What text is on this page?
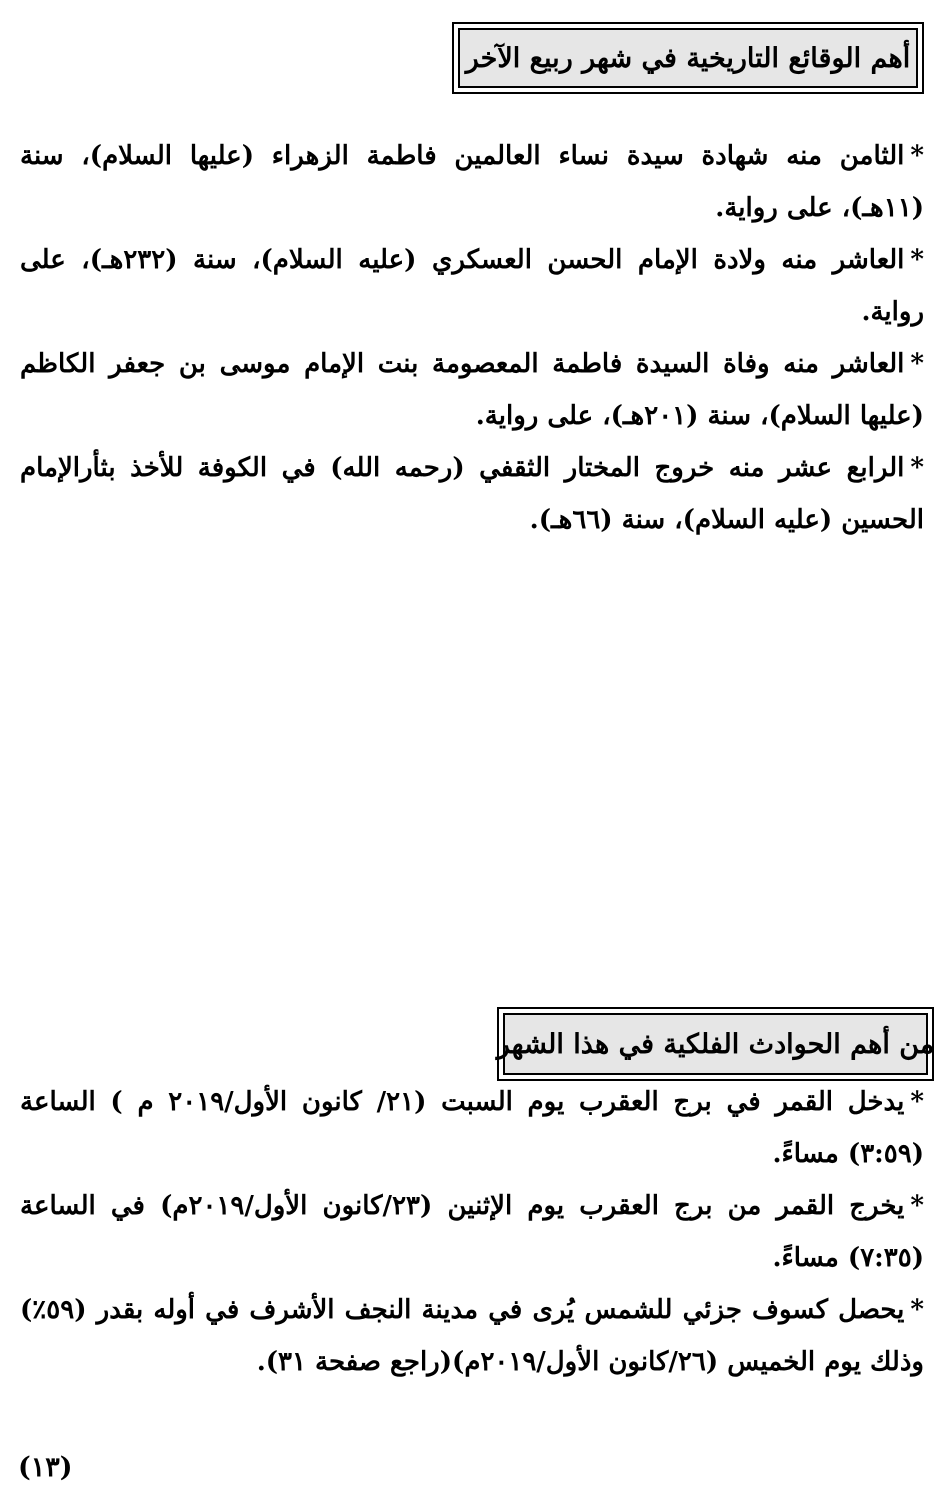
أهم الوقائع التاريخية في شهر ربيع الآخر

*الثامن منه شهادة سيدة نساء العالمين فاطمة الزهراء (عليها السلام)، سنة (١١هـ)، على رواية.

*العاشر منه ولادة الإمام الحسن العسكري (عليه السلام)، سنة (٢٣٢هـ)، على رواية.

*العاشر منه وفاة السيدة فاطمة المعصومة بنت الإمام موسى بن جعفر الكاظم (عليها السلام)، سنة (٢٠١هـ)، على رواية.

*الرابع عشر منه خروج المختار الثقفي (رحمه الله) في الكوفة للأخذ بثأرالإمام الحسين (عليه السلام)، سنة (٦٦هـ).

من أهم الحوادث الفلكية في هذا الشهر

*يدخل القمر في برج العقرب يوم السبت (٢١/ كانون الأول/٢٠١٩ م ) الساعة (٣:٥٩) مساءً.

*يخرج القمر من برج العقرب يوم الإثنين (٢٣/كانون الأول/٢٠١٩م) في الساعة (٧:٣٥) مساءً.

*يحصل كسوف جزئي للشمس يُرى في مدينة النجف الأشرف في أوله بقدر (٥٩٪) وذلك يوم الخميس (٢٦/كانون الأول/٢٠١٩م)(راجع صفحة ٣١).

(١٣)
